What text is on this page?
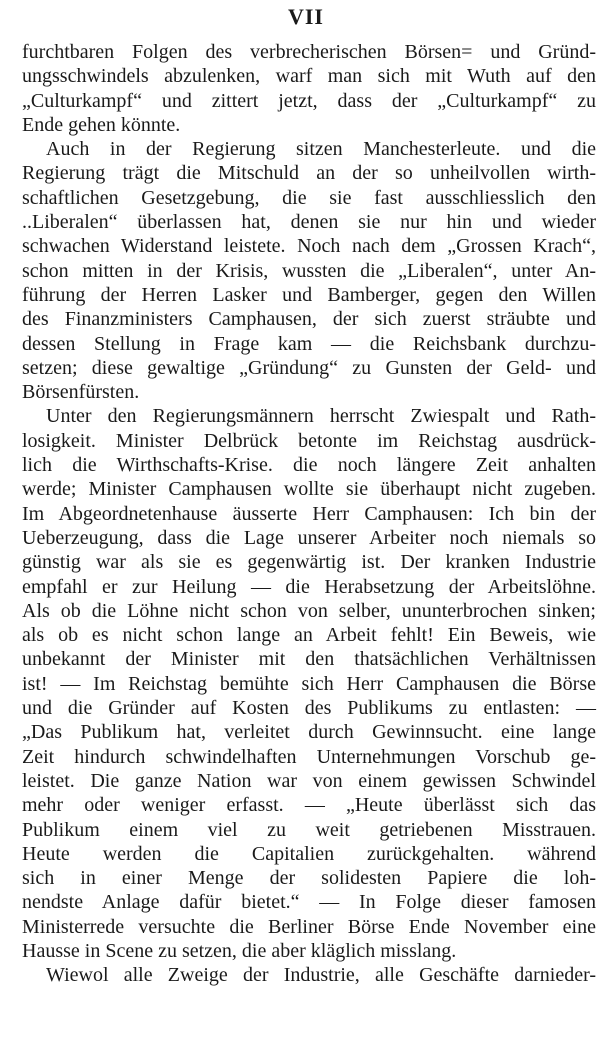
VII
furchtbaren Folgen des verbrecherischen Börsen= und Gründ-
ungsschwindels abzulenken, warf man sich mit Wuth auf den
„Culturkampf“ und zittert jetzt, dass der „Culturkampf“ zu
Ende gehen könnte.
Auch in der Regierung sitzen Manchesterleute. und die
Regierung trägt die Mitschuld an der so unheilvollen wirth-
schaftlichen Gesetzgebung, die sie fast ausschliesslich den
..Liberalen“ überlassen hat, denen sie nur hin und wieder
schwachen Widerstand leistete. Noch nach dem „Grossen Krach“,
schon mitten in der Krisis, wussten die „Liberalen“, unter An-
führung der Herren Lasker und Bamberger, gegen den Willen
des Finanzministers Camphausen, der sich zuerst sträubte und
dessen Stellung in Frage kam — die Reichsbank durchzu-
setzen; diese gewaltige „Gründung“ zu Gunsten der Geld- und
Börsenfürsten.
Unter den Regierungsmännern herrscht Zwiespalt und Rath-
losigkeit. Minister Delbrück betonte im Reichstag ausdrück-
lich die Wirthschafts-Krise. die noch längere Zeit anhalten
werde; Minister Camphausen wollte sie überhaupt nicht zugeben.
Im Abgeordnetenhause äusserte Herr Camphausen: Ich bin der
Ueberzeugung, dass die Lage unserer Arbeiter noch niemals so
günstig war als sie es gegenwärtig ist. Der kranken Industrie
empfahl er zur Heilung — die Herabsetzung der Arbeitslöhne.
Als ob die Löhne nicht schon von selber, ununterbrochen sinken;
als ob es nicht schon lange an Arbeit fehlt! Ein Beweis, wie
unbekannt der Minister mit den thatsächlichen Verhältnissen
ist! — Im Reichstag bemühte sich Herr Camphausen die Börse
und die Gründer auf Kosten des Publikums zu entlasten: —
„Das Publikum hat, verleitet durch Gewinnsucht. eine lange
Zeit hindurch schwindelhaften Unternehmungen Vorschub ge-
leistet. Die ganze Nation war von einem gewissen Schwindel
mehr oder weniger erfasst. — „Heute überlässt sich das
Publikum einem viel zu weit getriebenen Misstrauen.
Heute werden die Capitalien zurückgehalten. während
sich in einer Menge der solidesten Papiere die loh-
nendste Anlage dafür bietet.“ — In Folge dieser famosen
Ministerrede versuchte die Berliner Börse Ende November eine
Hausse in Scene zu setzen, die aber kläglich misslang.
Wiewol alle Zweige der Industrie, alle Geschäfte darnieder-
